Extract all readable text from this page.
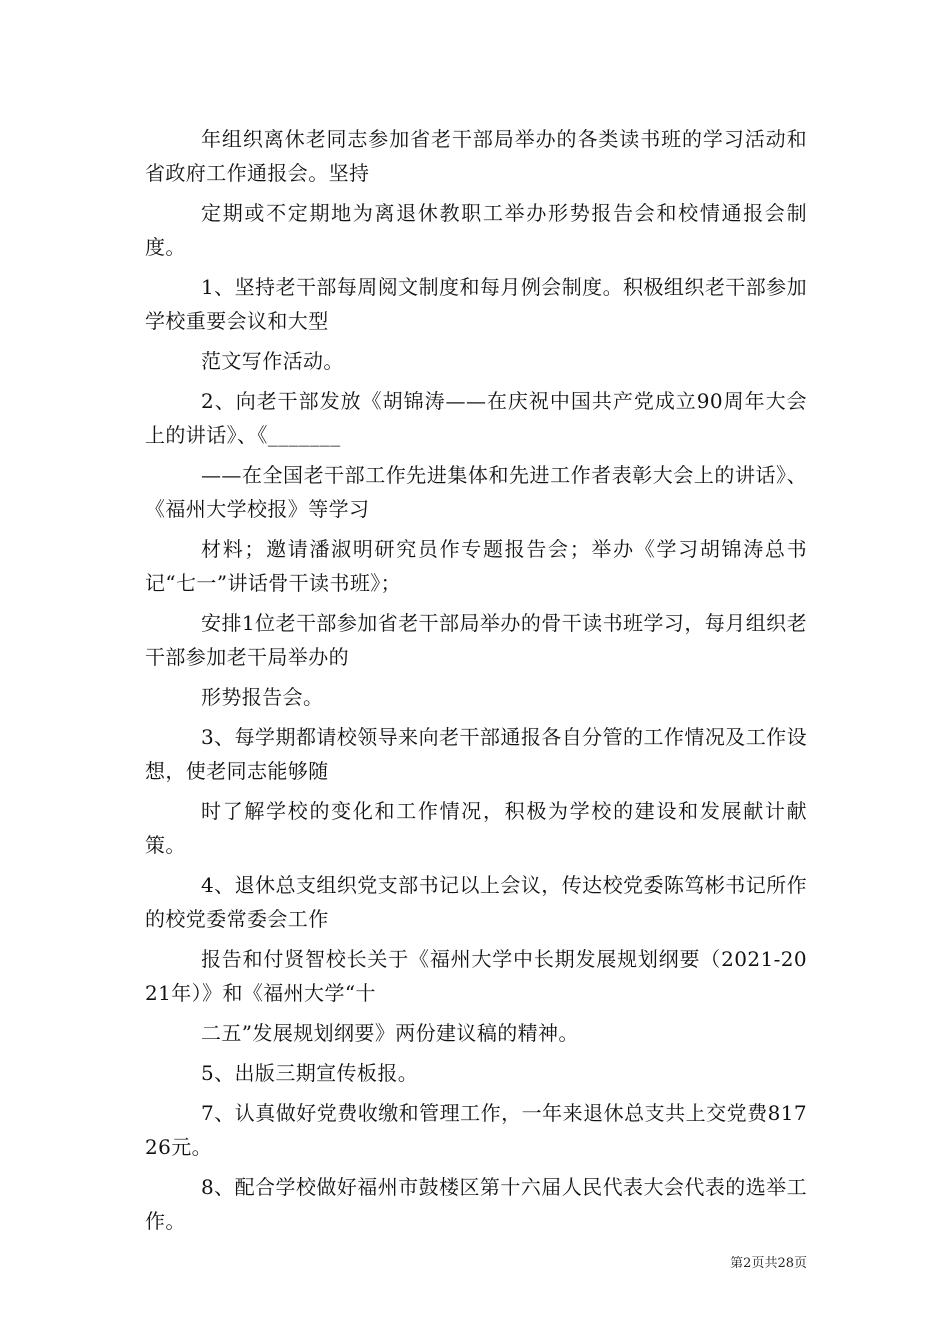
年组织离休老同志参加省老干部局举办的各类读书班的学习活动和省政府工作通报会。坚持

定期或不定期地为离退休教职工举办形势报告会和校情通报会制度。

1、坚持老干部每周阅文制度和每月例会制度。积极组织老干部参加学校重要会议和大型

范文写作活动。

2、向老干部发放《胡锦涛——在庆祝中国共产党成立90周年大会上的讲话》、《_______

——在全国老干部工作先进集体和先进工作者表彰大会上的讲话》、《福州大学校报》等学习

材料；邀请潘淑明研究员作专题报告会；举办《学习胡锦涛总书记“七一”讲话骨干读书班》；

安排1位老干部参加省老干部局举办的骨干读书班学习，每月组织老干部参加老干局举办的

形势报告会。

3、每学期都请校领导来向老干部通报各自分管的工作情况及工作设想，使老同志能够随

时了解学校的变化和工作情况，积极为学校的建设和发展献计献策。

4、退休总支组织党支部书记以上会议，传达校党委陈笃彬书记所作的校党委常委会工作

报告和付贤智校长关于《福州大学中长期发展规划纲要（2021-2021年）》和《福州大学“十

二五”发展规划纲要》两份建议稿的精神。

5、出版三期宣传板报。

7、认真做好党费收缴和管理工作，一年来退休总支共上交党费81726元。

8、配合学校做好福州市鼓楼区第十六届人民代表大会代表的选举工作。

第2页共28页
